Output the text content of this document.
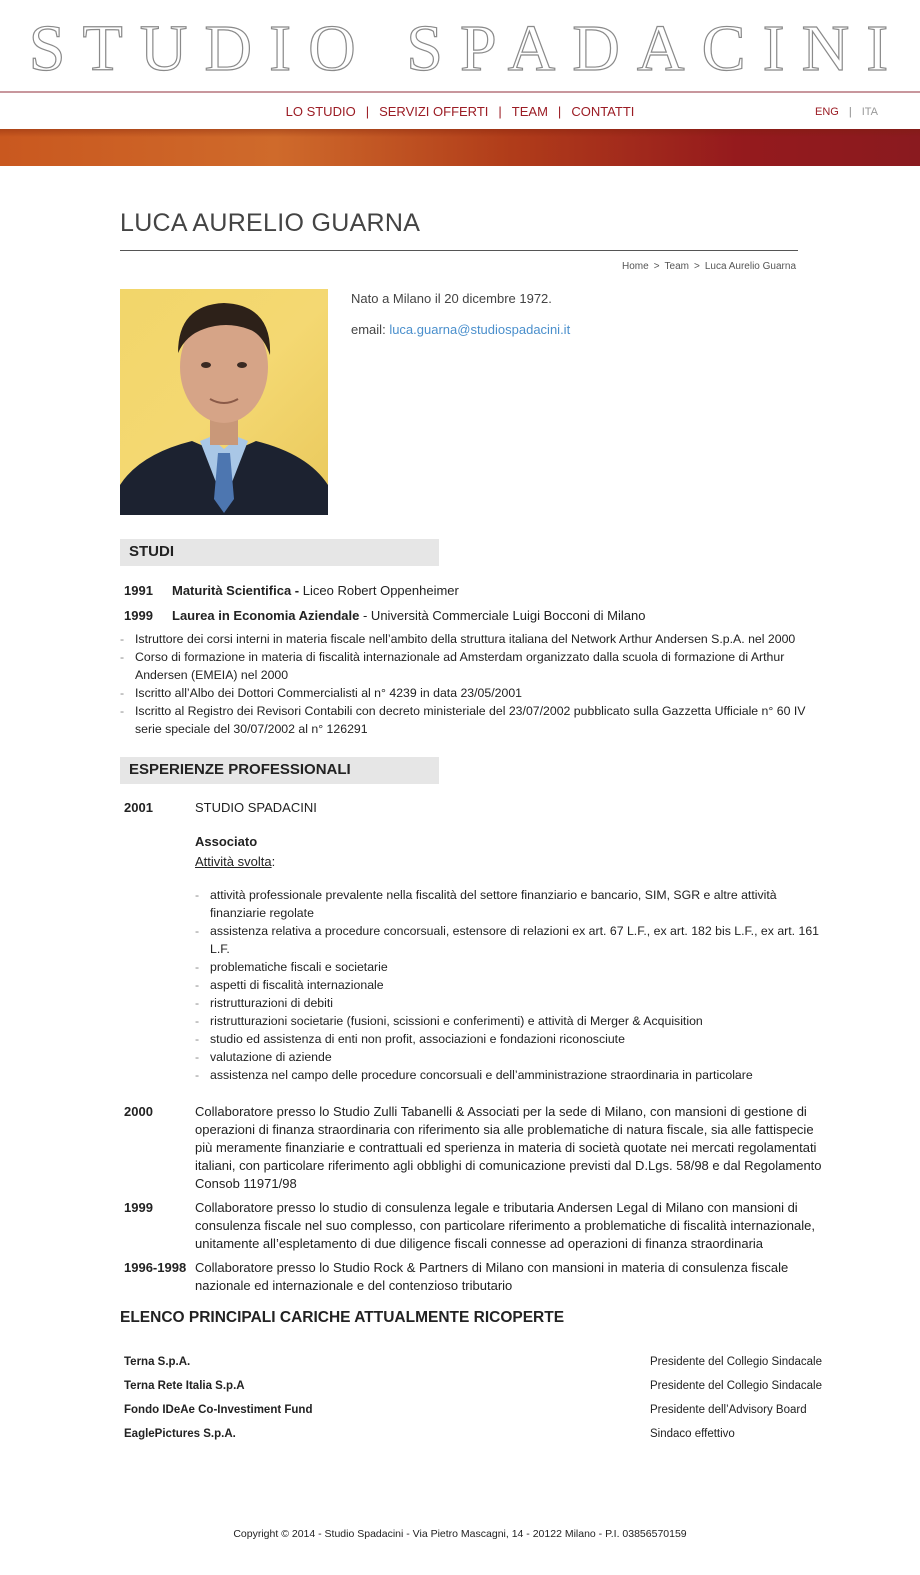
STUDIO SPADACINI
LO STUDIO | SERVIZI OFFERTI | TEAM | CONTATTI	ENG | ITA
LUCA AURELIO GUARNA
Home > Team > Luca Aurelio Guarna
Nato a Milano il 20 dicembre 1972.
email: luca.guarna@studiospadacini.it
STUDI
1991 Maturità Scientifica - Liceo Robert Oppenheimer
1999 Laurea in Economia Aziendale - Università Commerciale Luigi Bocconi di Milano
- Istruttore dei corsi interni in materia fiscale nell’ambito della struttura italiana del Network Arthur Andersen S.p.A. nel 2000
- Corso di formazione in materia di fiscalità internazionale ad Amsterdam organizzato dalla scuola di formazione di Arthur Andersen (EMEIA) nel 2000
- Iscritto all’Albo dei Dottori Commercialisti al n° 4239 in data 23/05/2001
- Iscritto al Registro dei Revisori Contabili con decreto ministeriale del 23/07/2002 pubblicato sulla Gazzetta Ufficiale n° 60 IV serie speciale del 30/07/2002 al n° 126291
ESPERIENZE PROFESSIONALI
2001	STUDIO SPADACINI
Associato
Attività svolta:
- attività professionale prevalente nella fiscalità del settore finanziario e bancario, SIM, SGR e altre attività finanziarie regolate
- assistenza relativa a procedure concorsuali, estensore di relazioni ex art. 67 L.F., ex art. 182 bis L.F., ex art. 161 L.F.
- problematiche fiscali e societarie
- aspetti di fiscalità internazionale
- ristrutturazioni di debiti
- ristrutturazioni societarie (fusioni, scissioni e conferimenti) e attività di Merger & Acquisition
- studio ed assistenza di enti non profit, associazioni e fondazioni riconosciute
- valutazione di aziende
- assistenza nel campo delle procedure concorsuali e dell’amministrazione straordinaria in particolare
2000	Collaboratore presso lo Studio Zulli Tabanelli & Associati per la sede di Milano, con mansioni di gestione di operazioni di finanza straordinaria con riferimento sia alle problematiche di natura fiscale, sia alle fattispecie più meramente finanziarie e contrattuali ed sperienza in materia di società quotate nei mercati regolamentati italiani, con particolare riferimento agli obblighi di comunicazione previsti dal D.Lgs. 58/98 e dal Regolamento Consob 11971/98
1999	Collaboratore presso lo studio di consulenza legale e tributaria Andersen Legal di Milano con mansioni di consulenza fiscale nel suo complesso, con particolare riferimento a problematiche di fiscalità internazionale, unitamente all’espletamento di due diligence fiscali connesse ad operazioni di finanza straordinaria
1996-1998 Collaboratore presso lo Studio Rock & Partners di Milano con mansioni in materia di consulenza fiscale nazionale ed internazionale e del contenzioso tributario
ELENCO PRINCIPALI CARICHE ATTUALMENTE RICOPERTE
Terna S.p.A.	Presidente del Collegio Sindacale
Terna Rete Italia S.p.A	Presidente del Collegio Sindacale
Fondo IDeAe Co-Investiment Fund	Presidente dell’Advisory Board
EaglePictures S.p.A.	Sindaco effettivo
Copyright © 2014 - Studio Spadacini - Via Pietro Mascagni, 14 - 20122 Milano - P.I. 03856570159
